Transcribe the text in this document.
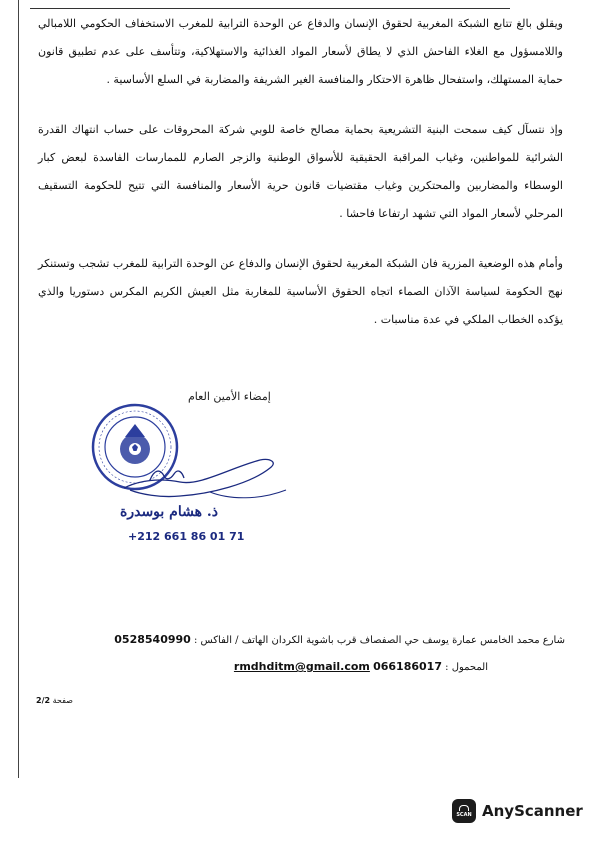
ويقلق بالغ تتابع الشبكة المغربية لحقوق الإنسان والدفاع عن الوحدة الترابية للمغرب الاستخفاف الحكومي اللامبالي واللامسؤول مع الغلاء الفاحش الذي لا يطاق لأسعار المواد الغذائية والاستهلاكية، وتتأسف على عدم تطبيق قانون حماية المستهلك، واستفحال ظاهرة الاحتكار والمنافسة الغير الشريفة والمضاربة في السلع الأساسية .

وإذ نتسآل كيف سمحت البنية التشريعية بحماية مصالح خاصة للوبي شركة المحروقات على حساب انتهاك القدرة الشرائية للمواطنين، وغياب المراقبة الحقيقية للأسواق الوطنية والزجر الصارم للممارسات الفاسدة لبعض كبار الوسطاء والمضاربين والمحتكرين وغياب مقتضيات قانون حرية الأسعار والمنافسة التي تتيح للحكومة التسقيف المرحلي لأسعار المواد التي تشهد ارتفاعا فاحشا .

وأمام هذه الوضعية المزرية فان الشبكة المغربية لحقوق الإنسان والدفاع عن الوحدة الترابية للمغرب تشجب وتستنكر نهج الحكومة لسياسة الآذان الصماء اتجاه الحقوق الأساسية للمغاربة مثل العيش الكريم المكرس دستوريا والذي يؤكده الخطاب الملكي في عدة مناسبات .

إمضاء الأمين العام
ذ. هشام بوسدرة
+212 661 86 01 71
شارع محمد الخامس عمارة يوسف حي الصفصاف قرب باشوية الكردان الهاتف / الفاكس : 0528540990
المحمول : 066186017 rmdhditm@gmail.com
صفحة 2/2
SCAN AnyScanner
